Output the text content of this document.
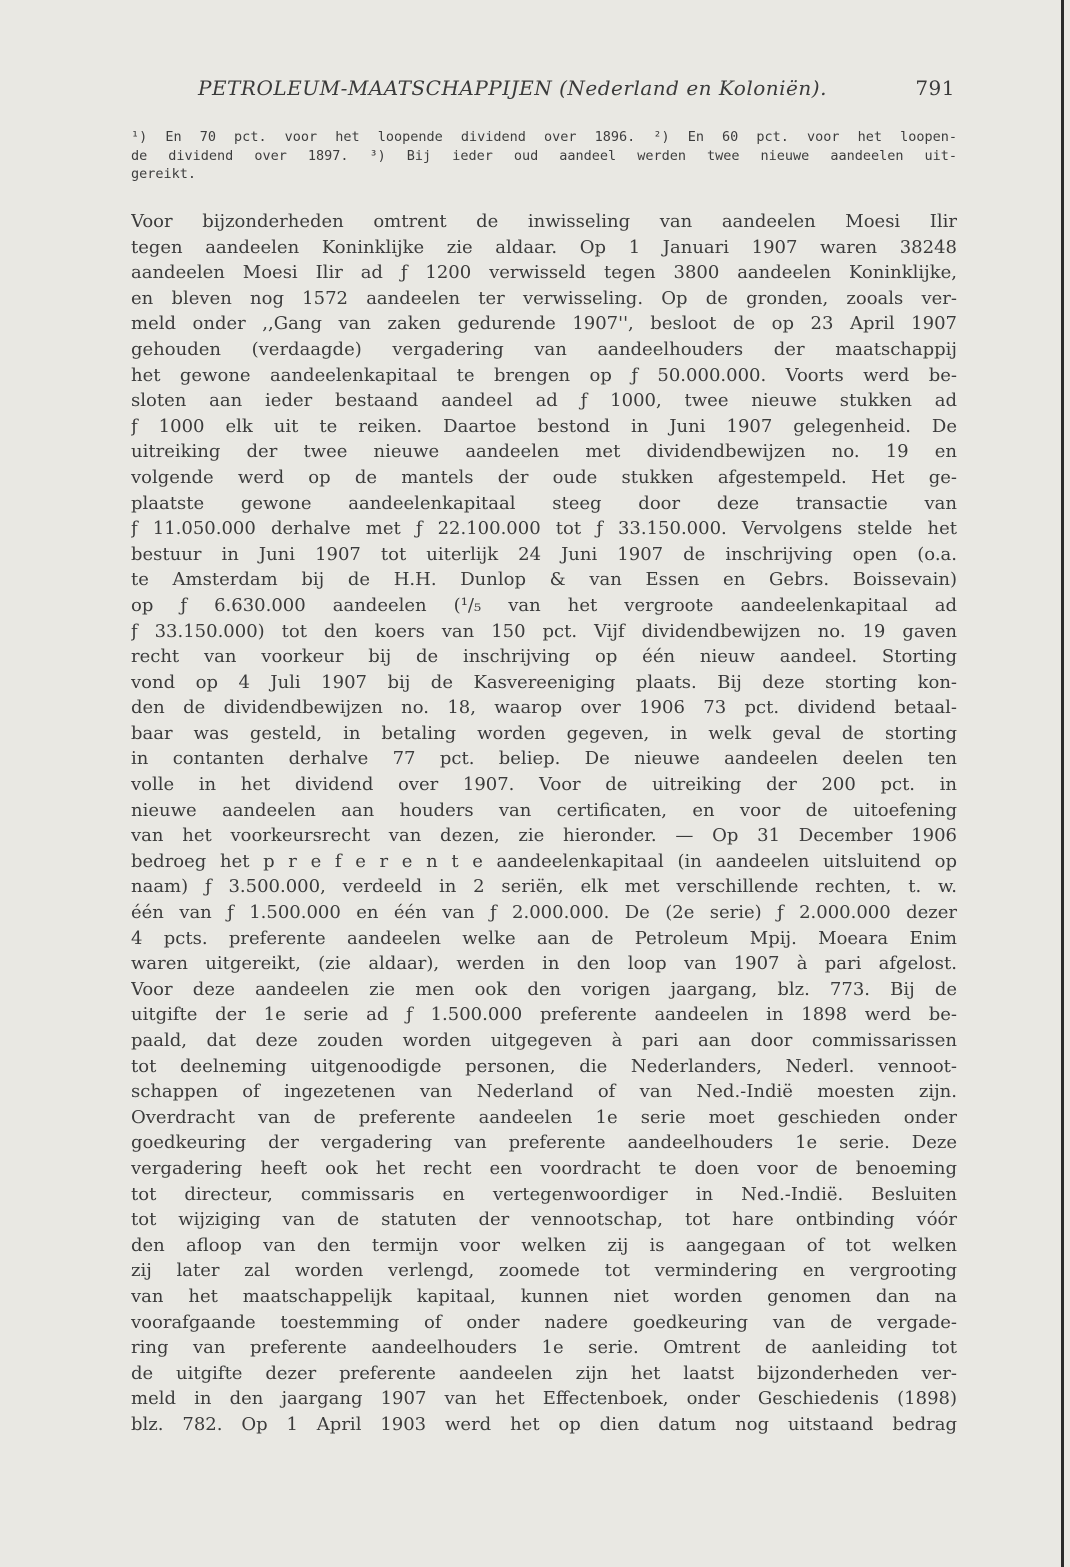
PETROLEUM-MAATSCHAPPIJEN (Nederland en Koloniën).	791
¹) En 70 pct. voor het loopende dividend over 1896. ²) En 60 pct. voor het loopen-
de dividend over 1897. ³) Bij ieder oud aandeel werden twee nieuwe aandeelen uit-
gereikt.
Voor bijzonderheden omtrent de inwisseling van aandeelen Moesi Ilir
tegen aandeelen Koninklijke zie aldaar. Op 1 Januari 1907 waren 38248
aandeelen Moesi Ilir ad ƒ 1200 verwisseld tegen 3800 aandeelen Koninklijke,
en bleven nog 1572 aandeelen ter verwisseling. Op de gronden, zooals ver-
meld onder ,,Gang van zaken gedurende 1907'', besloot de op 23 April 1907
gehouden (verdaagde) vergadering van aandeelhouders der maatschappij
het gewone aandeelenkapitaal te brengen op ƒ 50.000.000. Voorts werd be-
sloten aan ieder bestaand aandeel ad ƒ 1000, twee nieuwe stukken ad
ƒ 1000 elk uit te reiken. Daartoe bestond in Juni 1907 gelegenheid. De
uitreiking der twee nieuwe aandeelen met dividendbewijzen no. 19 en
volgende werd op de mantels der oude stukken afgestempeld. Het ge-
plaatste gewone aandeelenkapitaal steeg door deze transactie van
ƒ 11.050.000 derhalve met ƒ 22.100.000 tot ƒ 33.150.000. Vervolgens stelde het
bestuur in Juni 1907 tot uiterlijk 24 Juni 1907 de inschrijving open (o.a.
te Amsterdam bij de H.H. Dunlop & van Essen en Gebrs. Boissevain)
op ƒ 6.630.000 aandeelen (¹/₅ van het vergroote aandeelenkapitaal ad
ƒ 33.150.000) tot den koers van 150 pct. Vijf dividendbewijzen no. 19 gaven
recht van voorkeur bij de inschrijving op één nieuw aandeel. Storting
vond op 4 Juli 1907 bij de Kasvereeniging plaats. Bij deze storting kon-
den de dividendbewijzen no. 18, waarop over 1906 73 pct. dividend betaal-
baar was gesteld, in betaling worden gegeven, in welk geval de storting
in contanten derhalve 77 pct. beliep. De nieuwe aandeelen deelen ten
volle in het dividend over 1907. Voor de uitreiking der 200 pct. in
nieuwe aandeelen aan houders van certificaten, en voor de uitoefening
van het voorkeursrecht van dezen, zie hieronder. — Op 31 December 1906
bedroeg het p r e f e r e n t e aandeelenkapitaal (in aandeelen uitsluitend op
naam) ƒ 3.500.000, verdeeld in 2 seriën, elk met verschillende rechten, t. w.
één van ƒ 1.500.000 en één van ƒ 2.000.000. De (2e serie) ƒ 2.000.000 dezer
4 pcts. preferente aandeelen welke aan de Petroleum Mpij. Moeara Enim
waren uitgereikt, (zie aldaar), werden in den loop van 1907 à pari afgelost.
Voor deze aandeelen zie men ook den vorigen jaargang, blz. 773. Bij de
uitgifte der 1e serie ad ƒ 1.500.000 preferente aandeelen in 1898 werd be-
paald, dat deze zouden worden uitgegeven à pari aan door commissarissen
tot deelneming uitgenoodigde personen, die Nederlanders, Nederl. vennoot-
schappen of ingezetenen van Nederland of van Ned.-Indië moesten zijn.
Overdracht van de preferente aandeelen 1e serie moet geschieden onder
goedkeuring der vergadering van preferente aandeelhouders 1e serie. Deze
vergadering heeft ook het recht een voordracht te doen voor de benoeming
tot directeur, commissaris en vertegenwoordiger in Ned.-Indië. Besluiten
tot wijziging van de statuten der vennootschap, tot hare ontbinding vóór
den afloop van den termijn voor welken zij is aangegaan of tot welken
zij later zal worden verlengd, zoomede tot vermindering en vergrooting
van het maatschappelijk kapitaal, kunnen niet worden genomen dan na
voorafgaande toestemming of onder nadere goedkeuring van de vergade-
ring van preferente aandeelhouders 1e serie. Omtrent de aanleiding tot
de uitgifte dezer preferente aandeelen zijn het laatst bijzonderheden ver-
meld in den jaargang 1907 van het Effectenboek, onder Geschiedenis (1898)
blz. 782. Op 1 April 1903 werd het op dien datum nog uitstaand bedrag
